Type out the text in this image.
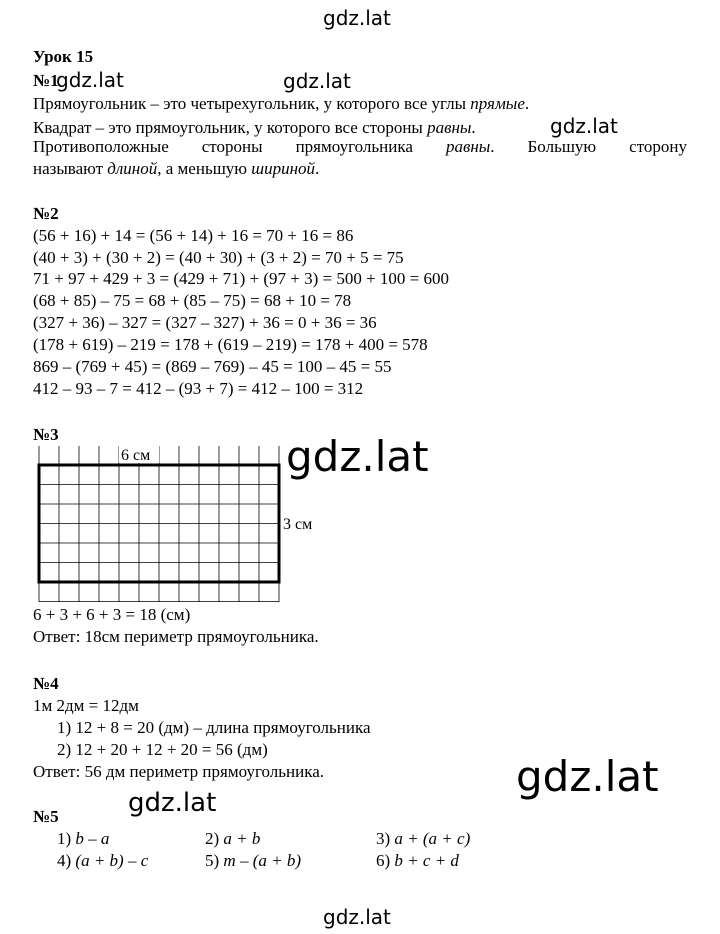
gdz.lat
gdz.lat	gdz.lat
gdz.lat
gdz.lat
gdz.lat
gdz.lat
gdz.lat
Урок 15
№1
Прямоугольник – это четырехугольник, у которого все углы прямые.
Квадрат – это прямоугольник, у которого все стороны равны.
Противоположные стороны прямоугольника равны. Большую сторону
называют длиной, а меньшую шириной.
№2
(56 + 16) + 14 = (56 + 14) + 16 = 70 + 16 = 86
(40 + 3) + (30 + 2) = (40 + 30) + (3 + 2) = 70 + 5 = 75
71 + 97 + 429 + 3 = (429 + 71) + (97 + 3) = 500 + 100 = 600
(68 + 85) – 75 = 68 + (85 – 75) = 68 + 10 = 78
(327 + 36) – 327 = (327 – 327) + 36 = 0 + 36 = 36
(178 + 619) – 219 = 178 + (619 – 219) = 178 + 400 = 578
869 – (769 + 45) = (869 – 769) – 45 = 100 – 45 = 55
412 – 93 – 7 = 412 – (93 + 7) = 412 – 100 = 312
№3
6 см
3 см
6 + 3 + 6 + 3 = 18 (см)
Ответ: 18см периметр прямоугольника.
№4
1м 2дм = 12дм
1) 12 + 8 = 20 (дм) – длина прямоугольника
2) 12 + 20 + 12 + 20 = 56 (дм)
Ответ: 56 дм периметр прямоугольника.
№5
1) b – a	2) a + b	3) a + (a + c)
4) (a + b) – c	5) m – (a + b)	6) b + c + d
